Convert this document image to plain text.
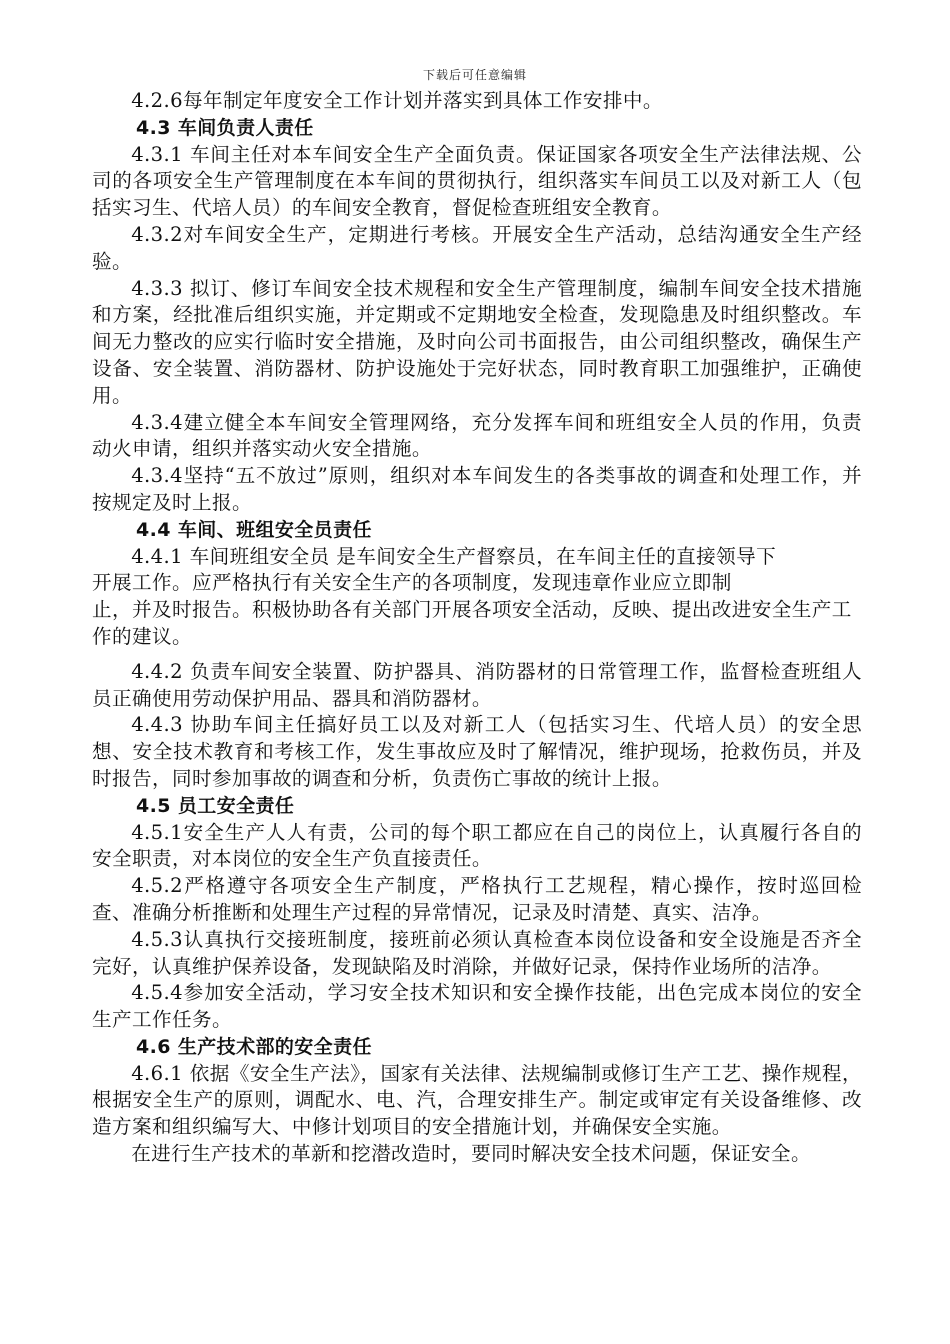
下载后可任意编辑

4.2.6每年制定年度安全工作计划并落实到具体工作安排中。

4.3 车间负责人责任

4.3.1 车间主任对本车间安全生产全面负责。保证国家各项安全生产法律法规、公司的各项安全生产管理制度在本车间的贯彻执行，组织落实车间员工以及对新工人（包括实习生、代培人员）的车间安全教育，督促检查班组安全教育。

4.3.2对车间安全生产，定期进行考核。开展安全生产活动，总结沟通安全生产经验。

4.3.3 拟订、修订车间安全技术规程和安全生产管理制度，编制车间安全技术措施和方案，经批准后组织实施，并定期或不定期地安全检查，发现隐患及时组织整改。车间无力整改的应实行临时安全措施，及时向公司书面报告，由公司组织整改，确保生产设备、安全装置、消防器材、防护设施处于完好状态，同时教育职工加强维护，正确使用。

4.3.4建立健全本车间安全管理网络，充分发挥车间和班组安全人员的作用，负责动火申请，组织并落实动火安全措施。

4.3.4坚持“五不放过”原则，组织对本车间发生的各类事故的调查和处理工作，并按规定及时上报。

4.4 车间、班组安全员责任

4.4.1 车间班组安全员 是车间安全生产督察员，在车间主任的直接领导下

开展工作。应严格执行有关安全生产的各项制度，发现违章作业应立即制

止，并及时报告。积极协助各有关部门开展各项安全活动，反映、提出改进安全生产工作的建议。

4.4.2 负责车间安全装置、防护器具、消防器材的日常管理工作，监督检查班组人员正确使用劳动保护用品、器具和消防器材。

4.4.3 协助车间主任搞好员工以及对新工人（包括实习生、代培人员）的安全思想、安全技术教育和考核工作，发生事故应及时了解情况，维护现场，抢救伤员，并及时报告，同时参加事故的调查和分析，负责伤亡事故的统计上报。

4.5 员工安全责任

4.5.1安全生产人人有责，公司的每个职工都应在自己的岗位上，认真履行各自的安全职责，对本岗位的安全生产负直接责任。

4.5.2严格遵守各项安全生产制度，严格执行工艺规程，精心操作，按时巡回检查、准确分析推断和处理生产过程的异常情况，记录及时清楚、真实、洁净。

4.5.3认真执行交接班制度，接班前必须认真检查本岗位设备和安全设施是否齐全完好，认真维护保养设备，发现缺陷及时消除，并做好记录，保持作业场所的洁净。

4.5.4参加安全活动，学习安全技术知识和安全操作技能，出色完成本岗位的安全生产工作任务。

4.6 生产技术部的安全责任

4.6.1 依据《安全生产法》，国家有关法律、法规编制或修订生产工艺、操作规程，根据安全生产的原则，调配水、电、汽，合理安排生产。制定或审定有关设备维修、改造方案和组织编写大、中修计划项目的安全措施计划，并确保安全实施。

在进行生产技术的革新和挖潜改造时，要同时解决安全技术问题，保证安全。
